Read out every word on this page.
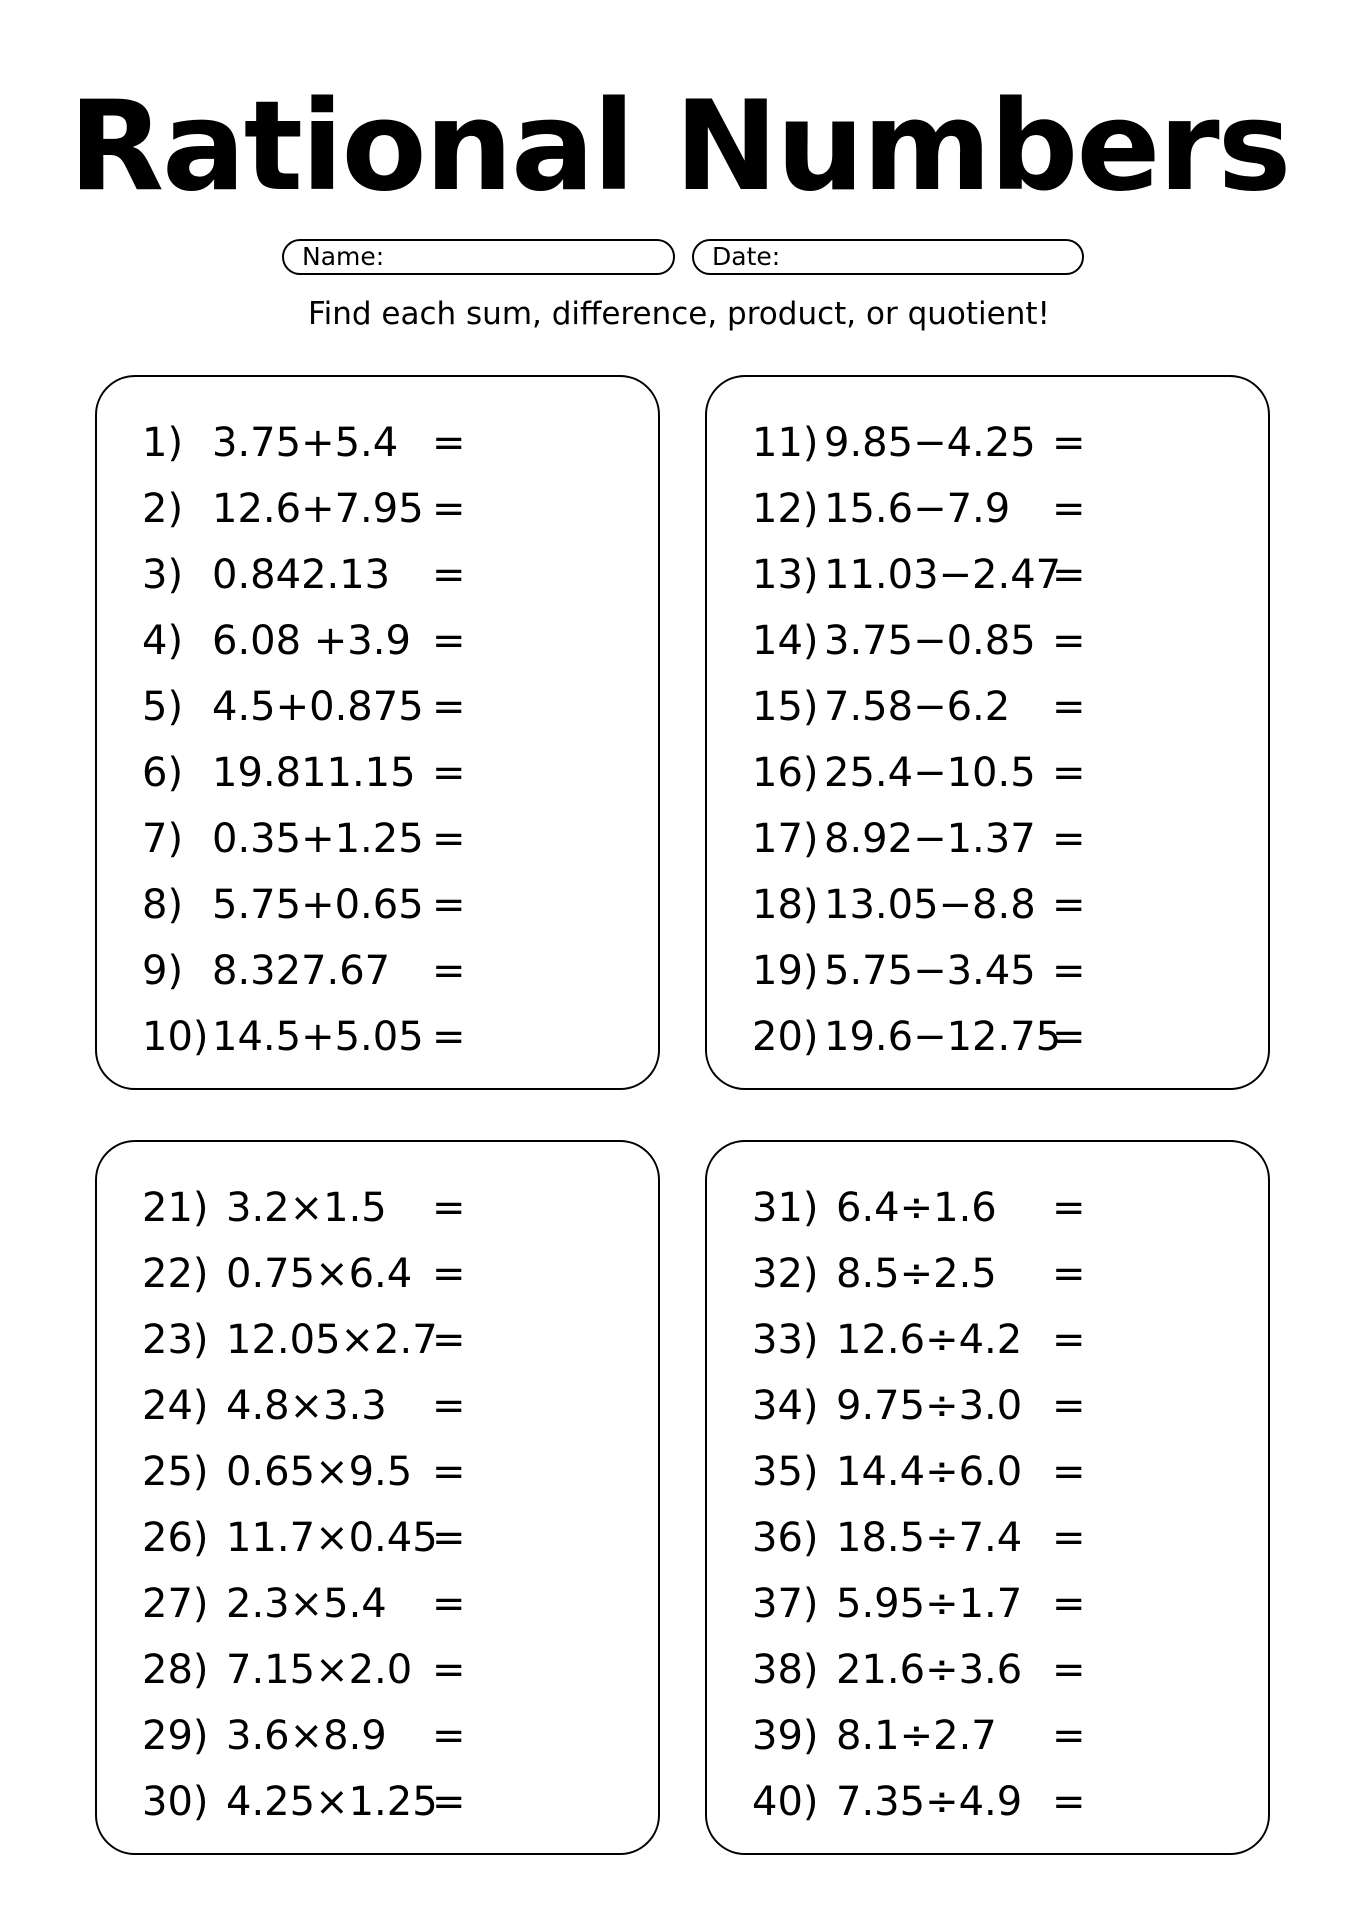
Rational Numbers
Name:	Date:
Find each sum, difference, product, or quotient!
1) 3.75+5.4 =
2) 12.6+7.95 =
3) 0.842.13 =
4) 6.08 +3.9 =
5) 4.5+0.875 =
6) 19.811.15 =
7) 0.35+1.25 =
8) 5.75+0.65 =
9) 8.327.67 =
10) 14.5+5.05 =
11) 9.85−4.25 =
12) 15.6−7.9 =
13) 11.03−2.47
=
14) 3.75−0.85 =
15) 7.58−6.2 =
16) 25.4−10.5 =
17) 8.92−1.37 =
18) 13.05−8.8 =
19) 5.75−3.45 =
20) 19.6−12.75
=
21) 3.2×1.5 =
22) 0.75×6.4 =
23) 12.05×2.7
=
24) 4.8×3.3 =
25) 0.65×9.5 =
26) 11.7×0.45
=
27) 2.3×5.4 =
28) 7.15×2.0 =
29) 3.6×8.9 =
30) 4.25×1.25
=
31) 6.4÷1.6 =
32) 8.5÷2.5 =
33) 12.6÷4.2 =
34) 9.75÷3.0 =
35) 14.4÷6.0 =
36) 18.5÷7.4 =
37) 5.95÷1.7 =
38) 21.6÷3.6 =
39) 8.1÷2.7 =
40) 7.35÷4.9 =
